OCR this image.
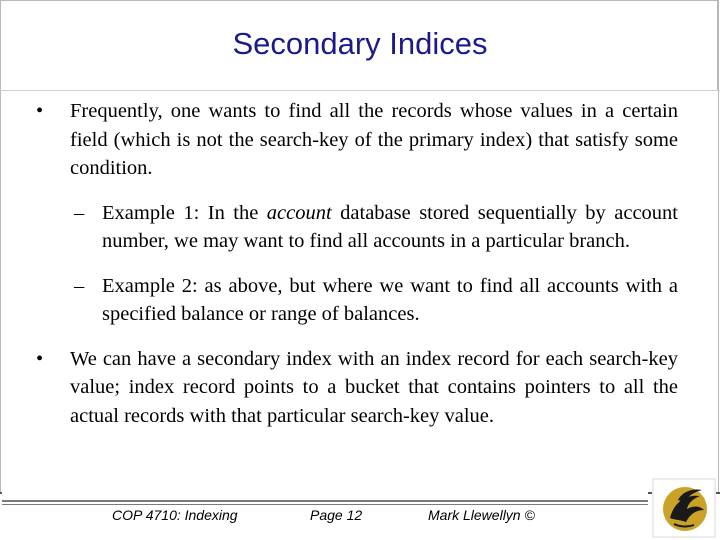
Secondary Indices
• Frequently, one wants to find all the records whose values in a certain field (which is not the search-key of the primary index) that satisfy some condition.
– Example 1: In the account database stored sequentially by account number, we may want to find all accounts in a particular branch.
– Example 2: as above, but where we want to find all accounts with a specified balance or range of balances.
• We can have a secondary index with an index record for each search-key value; index record points to a bucket that contains pointers to all the actual records with that particular search-key value.
COP 4710: Indexing	Page 12	Mark Llewellyn ©
